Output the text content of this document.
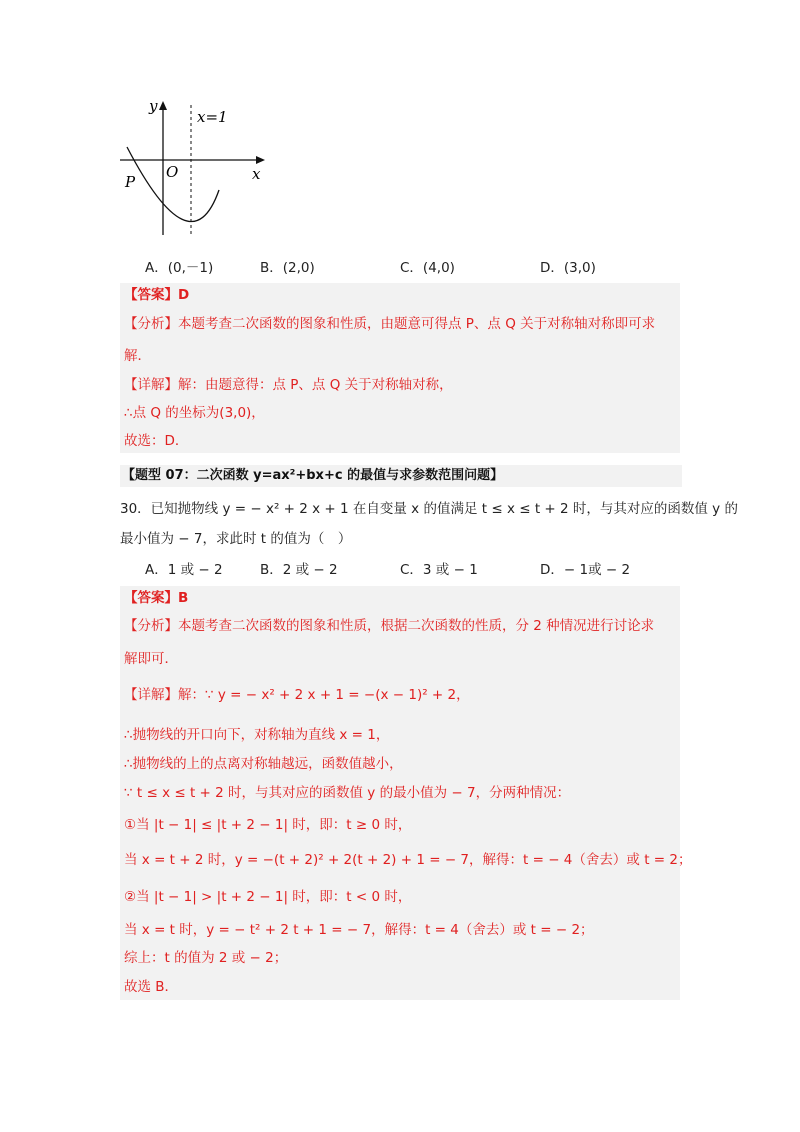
y
x=1
x
O
P
A．(0,－1)	B．(2,0)	C．(4,0)	D．(3,0)
【答案】D
【分析】本题考查二次函数的图象和性质，由题意可得点 P、点 Q 关于对称轴对称即可求
解．
【详解】解：由题意得：点 P、点 Q 关于对称轴对称，
∴点 Q 的坐标为(3,0)，
故选：D．
【题型 07：二次函数 y=ax²+bx+c 的最值与求参数范围问题】
30．已知抛物线 y = − x² + 2 x + 1 在自变量 x 的值满足 t ≤ x ≤ t + 2 时，与其对应的函数值 y 的
最小值为 − 7，求此时 t 的值为（　）
A．1 或 − 2	B．2 或 − 2	C．3 或 − 1	D．− 1或 − 2
【答案】B
【分析】本题考查二次函数的图象和性质，根据二次函数的性质，分 2 种情况进行讨论求
解即可．
【详解】解：∵ y = − x² + 2 x + 1 = −(x − 1)² + 2，
∴抛物线的开口向下，对称轴为直线 x = 1，
∴抛物线的上的点离对称轴越远，函数值越小，
∵ t ≤ x ≤ t + 2 时，与其对应的函数值 y 的最小值为 − 7，分两种情况：
①当 |t − 1| ≤ |t + 2 − 1| 时，即：t ≥ 0 时，
当 x = t + 2 时，y = −(t + 2)² + 2(t + 2) + 1 = − 7，解得：t = − 4（舍去）或 t = 2；
②当 |t − 1| > |t + 2 − 1| 时，即：t < 0 时，
当 x = t 时，y = − t² + 2 t + 1 = − 7，解得：t = 4（舍去）或 t = − 2；
综上：t 的值为 2 或 − 2；
故选 B．
